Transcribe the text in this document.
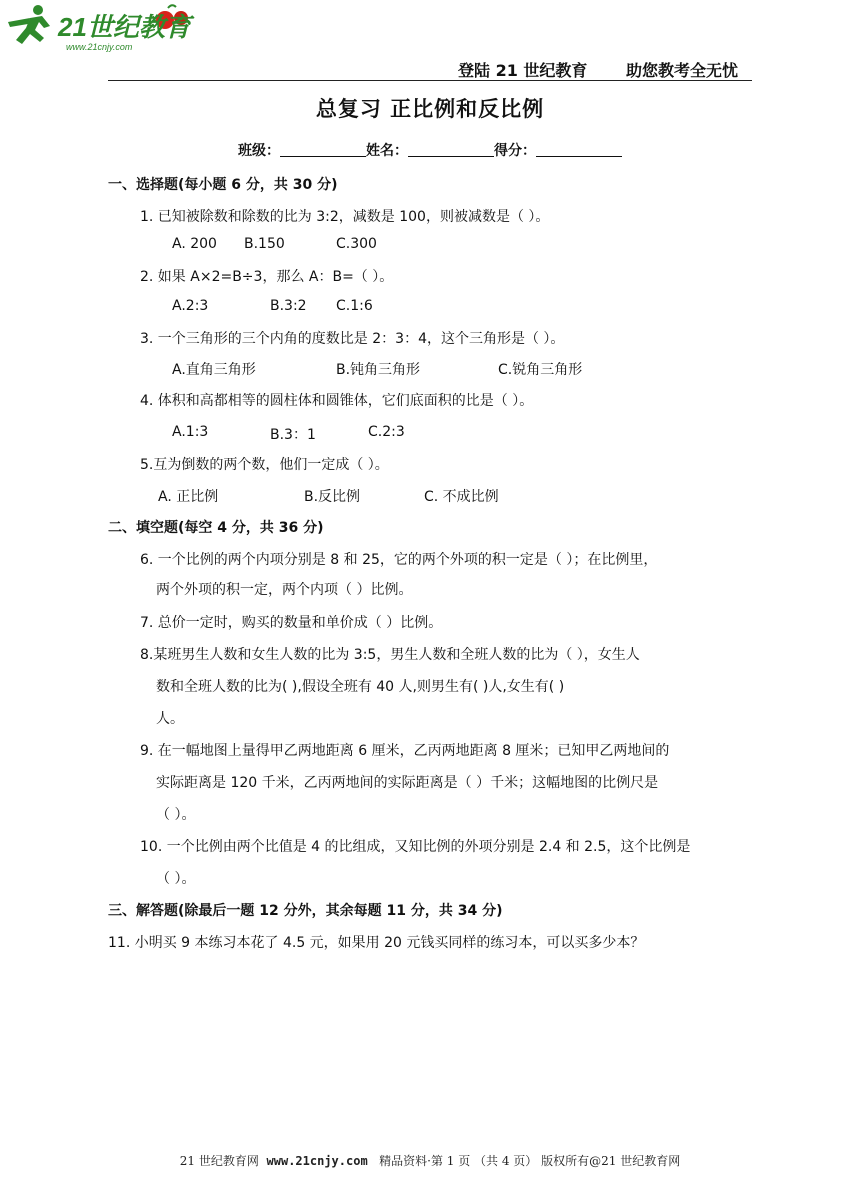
21世纪教育
www.21cnjy.com
登陆 21 世纪教育 助您教考全无忧
总复习 正比例和反比例
班级：	姓名：	得分：
一、选择题(每小题 6 分，共 30 分)
1. 已知被除数和除数的比为 3:2，减数是 100，则被减数是（ ）。
A. 200 B.150	C.300
2. 如果 A×2=B÷3，那么 A：B=（ ）。
A.2:3	B.3:2 C.1:6
3. 一个三角形的三个内角的度数比是 2：3：4，这个三角形是（ ）。
A.直角三角形	B.钝角三角形	C.锐角三角形
4. 体积和高都相等的圆柱体和圆锥体，它们底面积的比是（ ）。
A.1:3	B.3：1	C.2:3
5.互为倒数的两个数，他们一定成（ ）。
A. 正比例	B.反比例	C. 不成比例
二、填空题(每空 4 分，共 36 分)
6. 一个比例的两个内项分别是 8 和 25，它的两个外项的积一定是（ ）；在比例里，
两个外项的积一定，两个内项（ ）比例。
7. 总价一定时，购买的数量和单价成（ ）比例。
8.某班男生人数和女生人数的比为 3:5，男生人数和全班人数的比为（ ），女生人
数和全班人数的比为( ),假设全班有 40 人,则男生有( )人,女生有( )
人。
9. 在一幅地图上量得甲乙两地距离 6 厘米，乙丙两地距离 8 厘米；已知甲乙两地间的
实际距离是 120 千米，乙丙两地间的实际距离是（ ）千米；这幅地图的比例尺是
（ ）。
10. 一个比例由两个比值是 4 的比组成，又知比例的外项分别是 2.4 和 2.5，这个比例是
（ ）。
三、解答题(除最后一题 12 分外，其余每题 11 分，共 34 分)
11. 小明买 9 本练习本花了 4.5 元，如果用 20 元钱买同样的练习本，可以买多少本？
21 世纪教育网 www.21cnjy.com 精品资料·第 1 页 （共 4 页） 版权所有@21 世纪教育网
